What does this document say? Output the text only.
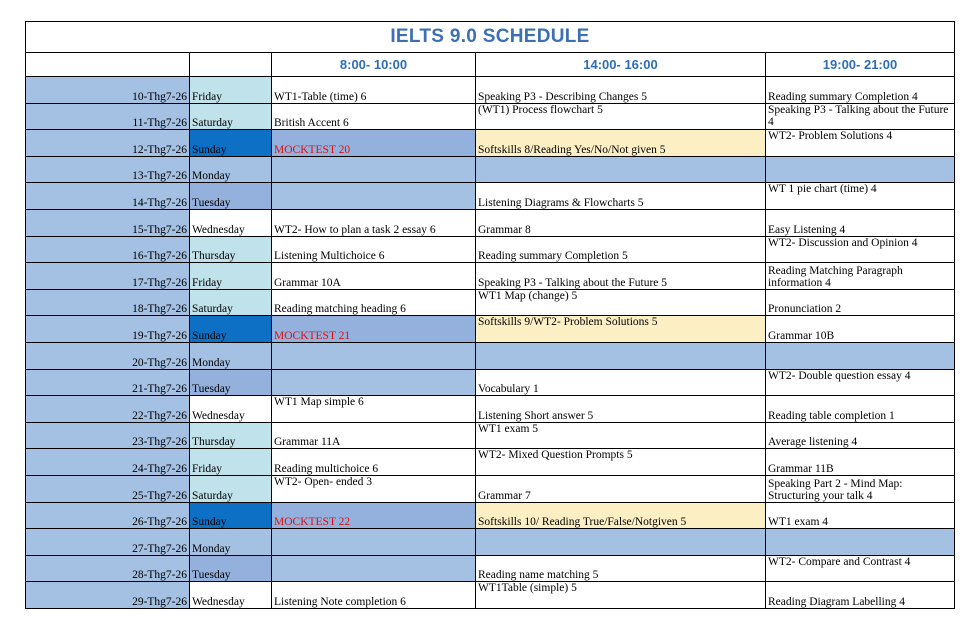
IELTS 9.0 SCHEDULE				
		8:00- 10:00	14:00- 16:00	19:00- 21:00
10-Thg7-26	Friday	WT1-Table (time) 6	Speaking P3 - Describing Changes 5	Reading summary Completion 4
11-Thg7-26	Saturday	British Accent 6	(WT1) Process flowchart 5	Speaking P3 - Talking about the Future 4
12-Thg7-26	Sunday	MOCKTEST 20	Softskills 8/Reading Yes/No/Not given 5	WT2- Problem Solutions 4
13-Thg7-26	Monday			
14-Thg7-26	Tuesday		Listening Diagrams & Flowcharts 5	WT 1 pie chart (time) 4
15-Thg7-26	Wednesday	WT2- How to plan a task 2 essay 6	Grammar 8	Easy Listening 4
16-Thg7-26	Thursday	Listening Multichoice 6	Reading summary Completion 5	WT2- Discussion and Opinion 4
17-Thg7-26	Friday	Grammar 10A	Speaking P3 - Talking about the Future 5	Reading Matching Paragraph information 4
18-Thg7-26	Saturday	Reading matching heading 6	WT1 Map (change) 5	Pronunciation 2
19-Thg7-26	Sunday	MOCKTEST 21	Softskills 9/WT2- Problem Solutions 5	Grammar 10B
20-Thg7-26	Monday			
21-Thg7-26	Tuesday		Vocabulary 1	WT2- Double question essay 4
22-Thg7-26	Wednesday	WT1 Map simple 6	Listening Short answer 5	Reading table completion 1
23-Thg7-26	Thursday	Grammar 11A	WT1 exam 5	Average listening 4
24-Thg7-26	Friday	Reading multichoice 6	WT2- Mixed Question Prompts 5	Grammar 11B
25-Thg7-26	Saturday	WT2- Open- ended 3	Grammar 7	Speaking Part 2 - Mind Map: Structuring your talk 4
26-Thg7-26	Sunday	MOCKTEST 22	Softskills 10/ Reading True/False/Notgiven 5	WT1 exam 4
27-Thg7-26	Monday			
28-Thg7-26	Tuesday		Reading name matching 5	WT2- Compare and Contrast 4
29-Thg7-26	Wednesday	Listening Note completion 6	WT1Table (simple) 5	Reading Diagram Labelling 4
